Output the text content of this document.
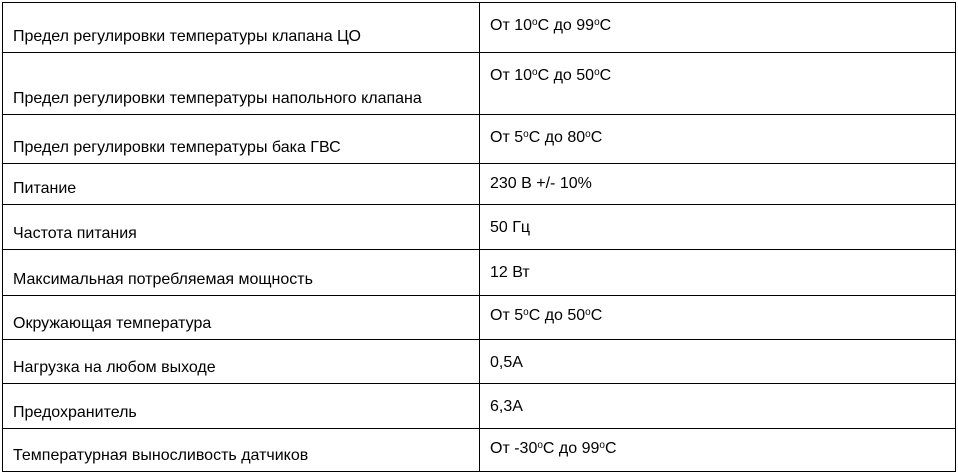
Предел регулировки температуры клапана ЦО	От 10$^o$С до 99$^o$С
Предел регулировки температуры напольного клапана	От 10$^o$С до 50$^o$С
Предел регулировки температуры бака ГВС	От 5$^o$С до 80$^o$С
Питание	230 В +/- 10%
Частота питания	50 Гц
Максимальная потребляемая мощность	12 Вт
Окружающая температура	От 5$^o$С до 50$^o$С
Нагрузка на любом выходе	0,5А
Предохранитель	6,3А
Температурная выносливость датчиков	От -30$^o$С до 99$^o$С
